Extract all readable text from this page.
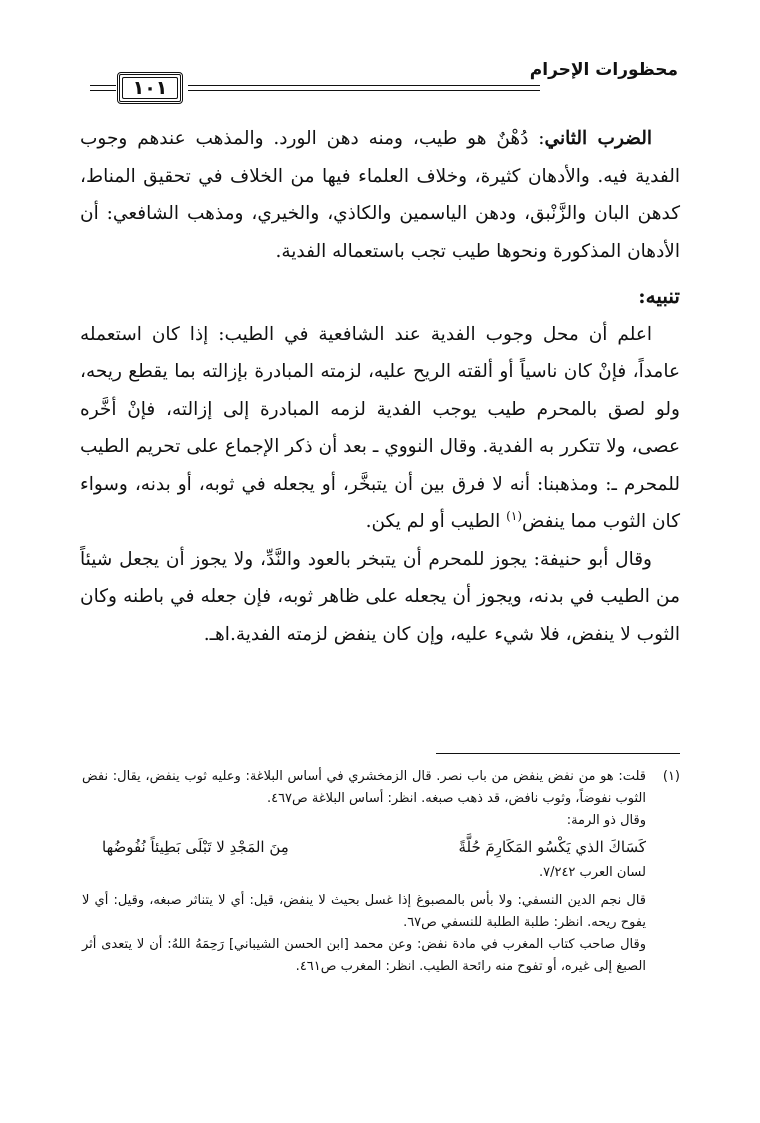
محظورات الإحرام
١٠١

الضرب الثاني: دُهْنٌ هو طيب، ومنه دهن الورد. والمذهب عندهم وجوب الفدية فيه. والأدهان كثيرة، وخلاف العلماء فيها من الخلاف في تحقيق المناط، كدهن البان والزَّنْبق، ودهن الياسمين والكاذي، والخيري، ومذهب الشافعي: أن الأدهان المذكورة ونحوها طيب تجب باستعماله الفدية.

تنبيه:

اعلم أن محل وجوب الفدية عند الشافعية في الطيب: إذا كان استعمله عامداً، فإنْ كان ناسياً أو ألقته الريح عليه، لزمته المبادرة بإزالته بما يقطع ريحه، ولو لصق بالمحرم طيب يوجب الفدية لزمه المبادرة إلى إزالته، فإنْ أخَّره عصى، ولا تتكرر به الفدية. وقال النووي ـ بعد أن ذكر الإجماع على تحريم الطيب للمحرم ـ: ومذهبنا: أنه لا فرق بين أن يتبخَّر، أو يجعله في ثوبه، أو بدنه، وسواء كان الثوب مما ينفض$^{(١)}$ الطيب أو لم يكن.

وقال أبو حنيفة: يجوز للمحرم أن يتبخر بالعود والنَّدِّ، ولا يجوز أن يجعل شيئاً من الطيب في بدنه، ويجوز أن يجعله على ظاهر ثوبه، فإن جعله في باطنه وكان الثوب لا ينفض، فلا شيء عليه، وإن كان ينفض لزمته الفدية.اهـ.

(١)
قلت: هو من نفض ينفض من باب نصر. قال الزمخشري في أساس البلاغة: وعليه ثوب ينفض، يقال: نفض الثوب نفوضاً، وثوب نافض، قد ذهب صبغه. انظر: أساس البلاغة ص٤٦٧.

وقال ذو الرمة:

كَسَاكَ الذي يَكْسُو المَكَارِمَ حُلَّةً
مِنَ المَجْدِ لا تَبْلَى بَطِيئاً نُفُوضُها

لسان العرب ٧/٢٤٢.

قال نجم الدين النسفي: ولا بأس بالمصبوغ إذا غسل بحيث لا ينفض، قيل: أي لا يتناثر صبغه، وقيل: أي لا يفوح ريحه. انظر: طلبة الطلبة للنسفي ص٦٧.

وقال صاحب كتاب المغرب في مادة نفض: وعن محمد [ابن الحسن الشيباني] رَحِمَهُ اللهُ: أن لا يتعدى أثر الصبغ إلى غيره، أو تفوح منه رائحة الطيب. انظر: المغرب ص٤٦١.
